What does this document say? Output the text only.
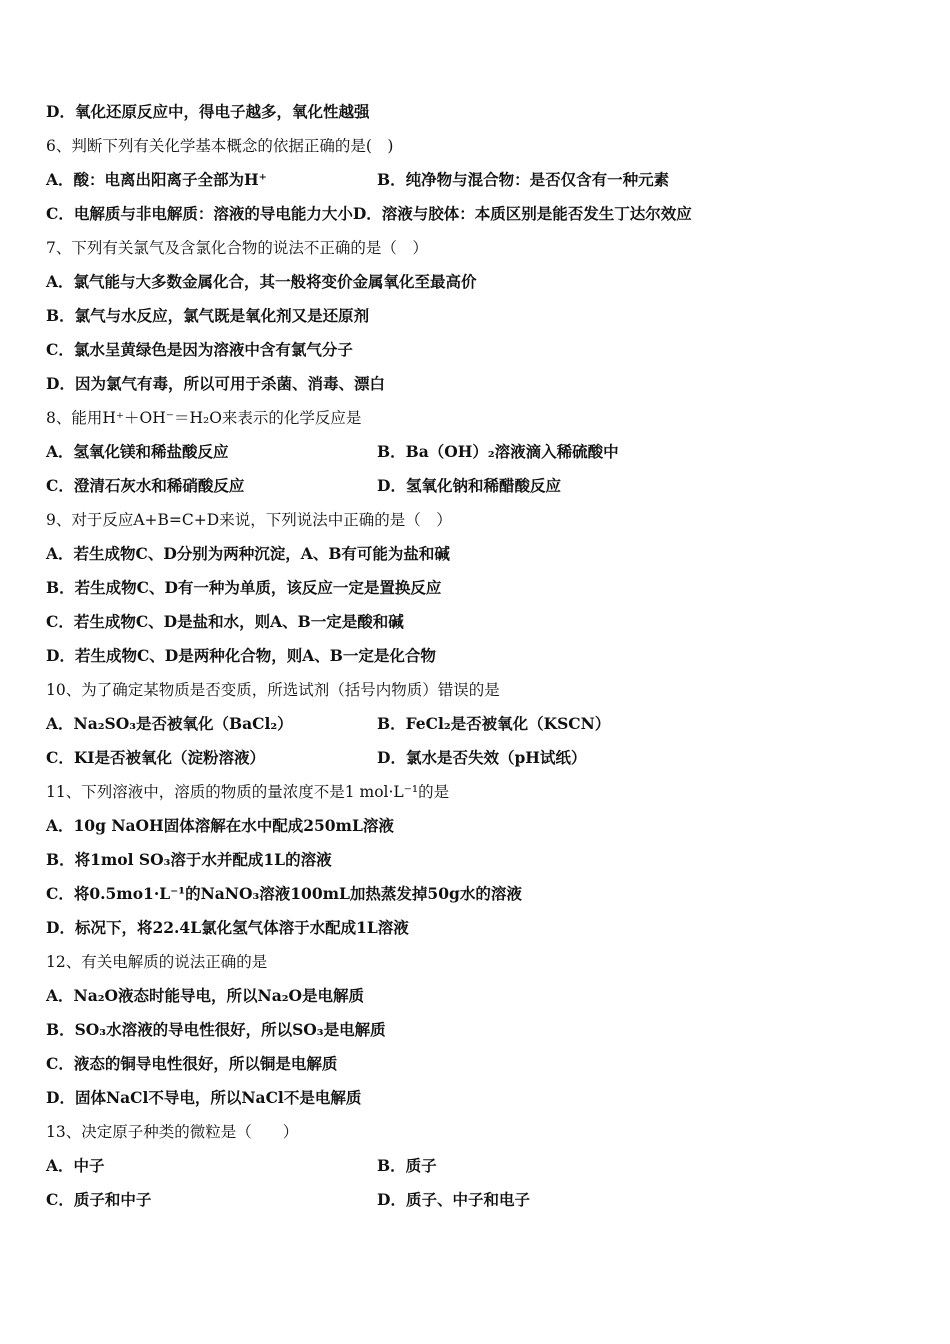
D．氧化还原反应中，得电子越多，氧化性越强
6、判断下列有关化学基本概念的依据正确的是(　)
A．酸：电离出阳离子全部为H⁺	B．纯净物与混合物：是否仅含有一种元素
C．电解质与非电解质：溶液的导电能力大小D．溶液与胶体：本质区别是能否发生丁达尔效应
7、下列有关氯气及含氯化合物的说法不正确的是（　）
A．氯气能与大多数金属化合，其一般将变价金属氧化至最高价
B．氯气与水反应，氯气既是氧化剂又是还原剂
C．氯水呈黄绿色是因为溶液中含有氯气分子
D．因为氯气有毒，所以可用于杀菌、消毒、漂白
8、能用H⁺＋OH⁻＝H₂O来表示的化学反应是
A．氢氧化镁和稀盐酸反应	B．Ba（OH）₂溶液滴入稀硫酸中
C．澄清石灰水和稀硝酸反应	D．氢氧化钠和稀醋酸反应
9、对于反应A+B=C+D来说，下列说法中正确的是（　）
A．若生成物C、D分别为两种沉淀，A、B有可能为盐和碱
B．若生成物C、D有一种为单质，该反应一定是置换反应
C．若生成物C、D是盐和水，则A、B一定是酸和碱
D．若生成物C、D是两种化合物，则A、B一定是化合物
10、为了确定某物质是否变质，所选试剂（括号内物质）错误的是
A．Na₂SO₃是否被氧化（BaCl₂）	B．FeCl₂是否被氧化（KSCN）
C．KI是否被氧化（淀粉溶液）	D．氯水是否失效（pH试纸）
11、下列溶液中，溶质的物质的量浓度不是1 mol·L⁻¹的是
A．10g NaOH固体溶解在水中配成250mL溶液
B．将1mol SO₃溶于水并配成1L的溶液
C．将0.5mo1·L⁻¹的NaNO₃溶液100mL加热蒸发掉50g水的溶液
D．标况下，将22.4L氯化氢气体溶于水配成1L溶液
12、有关电解质的说法正确的是
A．Na₂O液态时能导电，所以Na₂O是电解质
B．SO₃水溶液的导电性很好，所以SO₃是电解质
C．液态的铜导电性很好，所以铜是电解质
D．固体NaCl不导电，所以NaCl不是电解质
13、决定原子种类的微粒是（　　）
A．中子	B．质子
C．质子和中子	D．质子、中子和电子
